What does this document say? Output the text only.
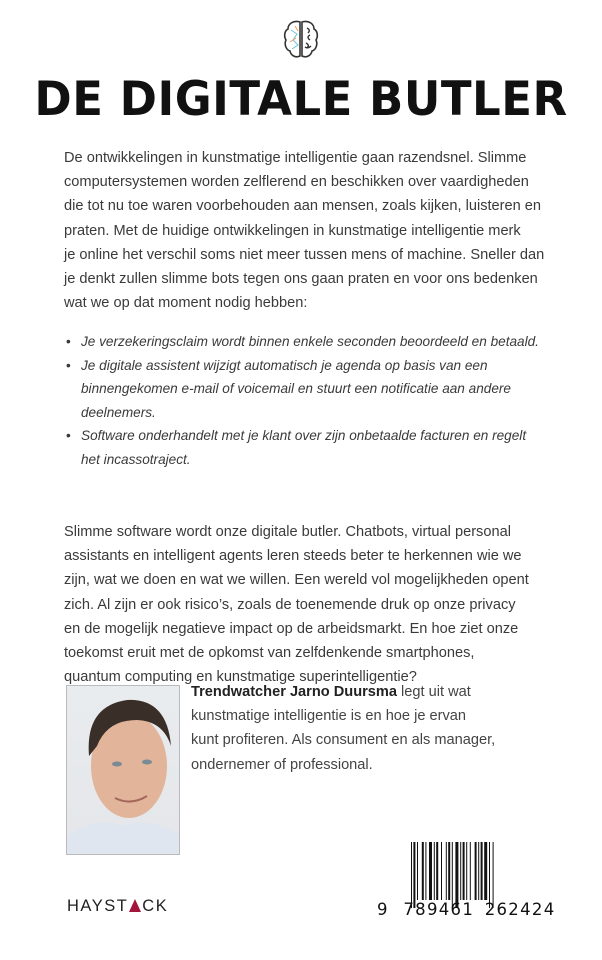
DE DIGITALE BUTLER
De ontwikkelingen in kunstmatige intelligentie gaan razendsnel. Slimme
computersystemen worden zelflerend en beschikken over vaardigheden
die tot nu toe waren voorbehouden aan mensen, zoals kijken, luisteren en
praten. Met de huidige ontwikkelingen in kunstmatige intelligentie merk
je online het verschil soms niet meer tussen mens of machine. Sneller dan
je denkt zullen slimme bots tegen ons gaan praten en voor ons bedenken
wat we op dat moment nodig hebben:
• Je verzekeringsclaim wordt binnen enkele seconden beoordeeld en betaald.
• Je digitale assistent wijzigt automatisch je agenda op basis van een
binnengekomen e-mail of voicemail en stuurt een notificatie aan andere
deelnemers.
• Software onderhandelt met je klant over zijn onbetaalde facturen en regelt
het incassotraject.
Slimme software wordt onze digitale butler. Chatbots, virtual personal
assistants en intelligent agents leren steeds beter te herkennen wie we
zijn, wat we doen en wat we willen. Een wereld vol mogelijkheden opent
zich. Al zijn er ook risico’s, zoals de toenemende druk op onze privacy
en de mogelijk negatieve impact op de arbeidsmarkt. En hoe ziet onze
toekomst eruit met de opkomst van zelfdenkende smartphones,
quantum computing en kunstmatige superintelligentie?
Trendwatcher Jarno Duursma legt uit wat
kunstmatige intelligentie is en hoe je ervan
kunt profiteren. Als consument en als manager,
ondernemer of professional.
HAYST CK	9 789461 262424
